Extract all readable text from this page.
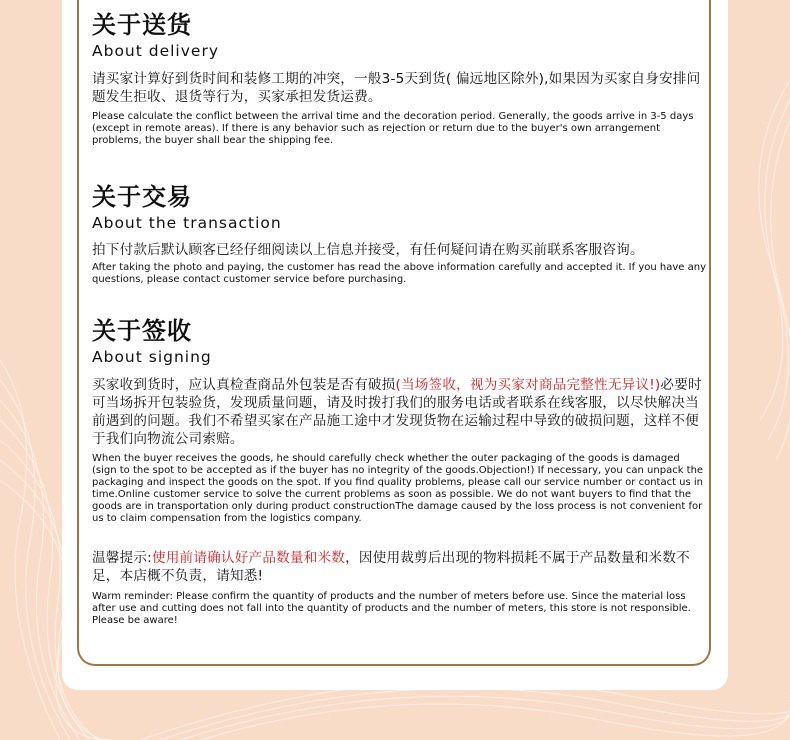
关于送货
About delivery
请买家计算好到货时间和装修工期的冲突，一般3-5天到货( 偏远地区除外),如果因为买家自身安排问题发生拒收、退货等行为，买家承担发货运费。
Please calculate the conflict between the arrival time and the decoration period. Generally, the goods arrive in 3-5 days (except in remote areas). If there is any behavior such as rejection or return due to the buyer's own arrangement problems, the buyer shall bear the shipping fee.
关于交易
About the transaction
拍下付款后默认顾客已经仔细阅读以上信息并接受，有任何疑问请在购买前联系客服咨询。
After taking the photo and paying, the customer has read the above information carefully and accepted it. If you have any questions, please contact customer service before purchasing.
关于签收
About signing
买家收到货时，应认真检查商品外包装是否有破损(当场签收，视为买家对商品完整性无异议!)必要时可当场拆开包装验货，发现质量问题，请及时拨打我们的服务电话或者联系在线客服，以尽快解决当前遇到的问题。我们不希望买家在产品施工途中才发现货物在运输过程中导致的破损问题，这样不便于我们向物流公司索赔。
When the buyer receives the goods, he should carefully check whether the outer packaging of the goods is damaged (sign to the spot to be accepted as if the buyer has no integrity of the goods.Objection!) If necessary, you can unpack the packaging and inspect the goods on the spot. If you find quality problems, please call our service number or contact us in time.Online customer service to solve the current problems as soon as possible. We do not want buyers to find that the goods are in transportation only during product constructionThe damage caused by the loss process is not convenient for us to claim compensation from the logistics company.
温馨提示:使用前请确认好产品数量和米数，因使用裁剪后出现的物料损耗不属于产品数量和米数不足，本店概不负责，请知悉!
Warm reminder: Please confirm the quantity of products and the number of meters before use. Since the material loss after use and cutting does not fall into the quantity of products and the number of meters, this store is not responsible. Please be aware!
